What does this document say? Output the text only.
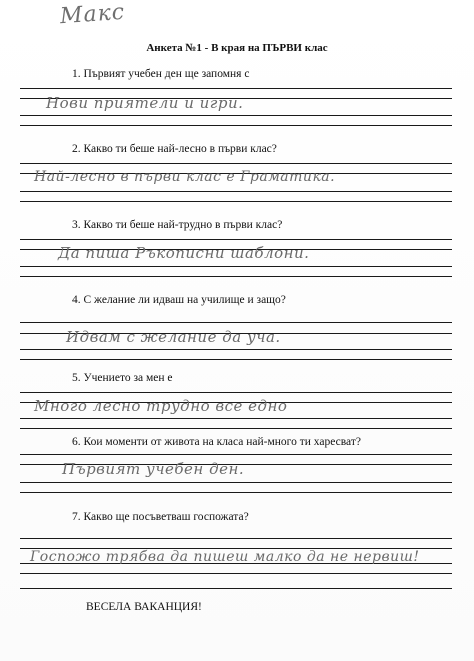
Макс
Анкета №1 - В края на ПЪРВИ клас
1. Първият учебен ден ще запомня с
Нови приятели и игри.
2. Какво ти беше най-лесно в първи клас?
Най-лесно в първи клас е Граматика.
3. Какво ти беше най-трудно в първи клас?
Да пиша Ръкописни шаблони.
4. С желание ли идваш на училище и защо?
Идвам с желание да уча.
5. Учението за мен е
Много лесно трудно все едно
6. Кои моменти от живота на класа най-много ти харесват?
Първият учебен ден.
7. Какво ще посъветваш госпожата?
Госпожо трябва да пишеш малко да не нервиш!
ВЕСЕЛА ВАКАНЦИЯ!
